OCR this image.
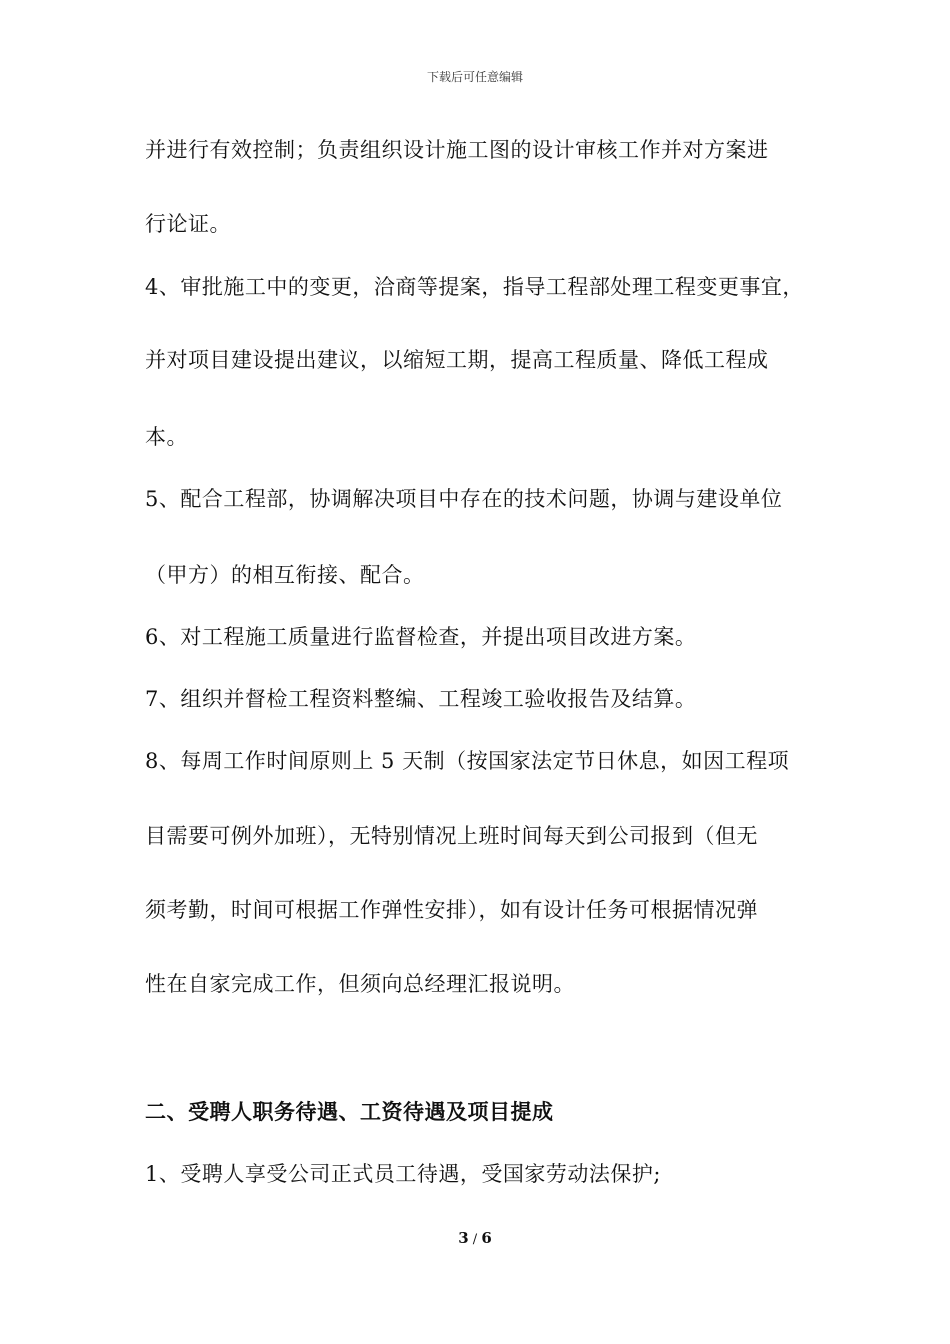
下载后可任意编辑
并进行有效控制；负责组织设计施工图的设计审核工作并对方案进
行论证。
4、审批施工中的变更，洽商等提案，指导工程部处理工程变更事宜，
并对项目建设提出建议，以缩短工期，提高工程质量、降低工程成
本。
5、配合工程部，协调解决项目中存在的技术问题，协调与建设单位
（甲方）的相互衔接、配合。
6、对工程施工质量进行监督检查，并提出项目改进方案。
7、组织并督检工程资料整编、工程竣工验收报告及结算。
8、每周工作时间原则上 5 天制（按国家法定节日休息，如因工程项
目需要可例外加班），无特别情况上班时间每天到公司报到（但无
须考勤，时间可根据工作弹性安排），如有设计任务可根据情况弹
性在自家完成工作，但须向总经理汇报说明。
二、受聘人职务待遇、工资待遇及项目提成
1、受聘人享受公司正式员工待遇，受国家劳动法保护;
3 / 6
